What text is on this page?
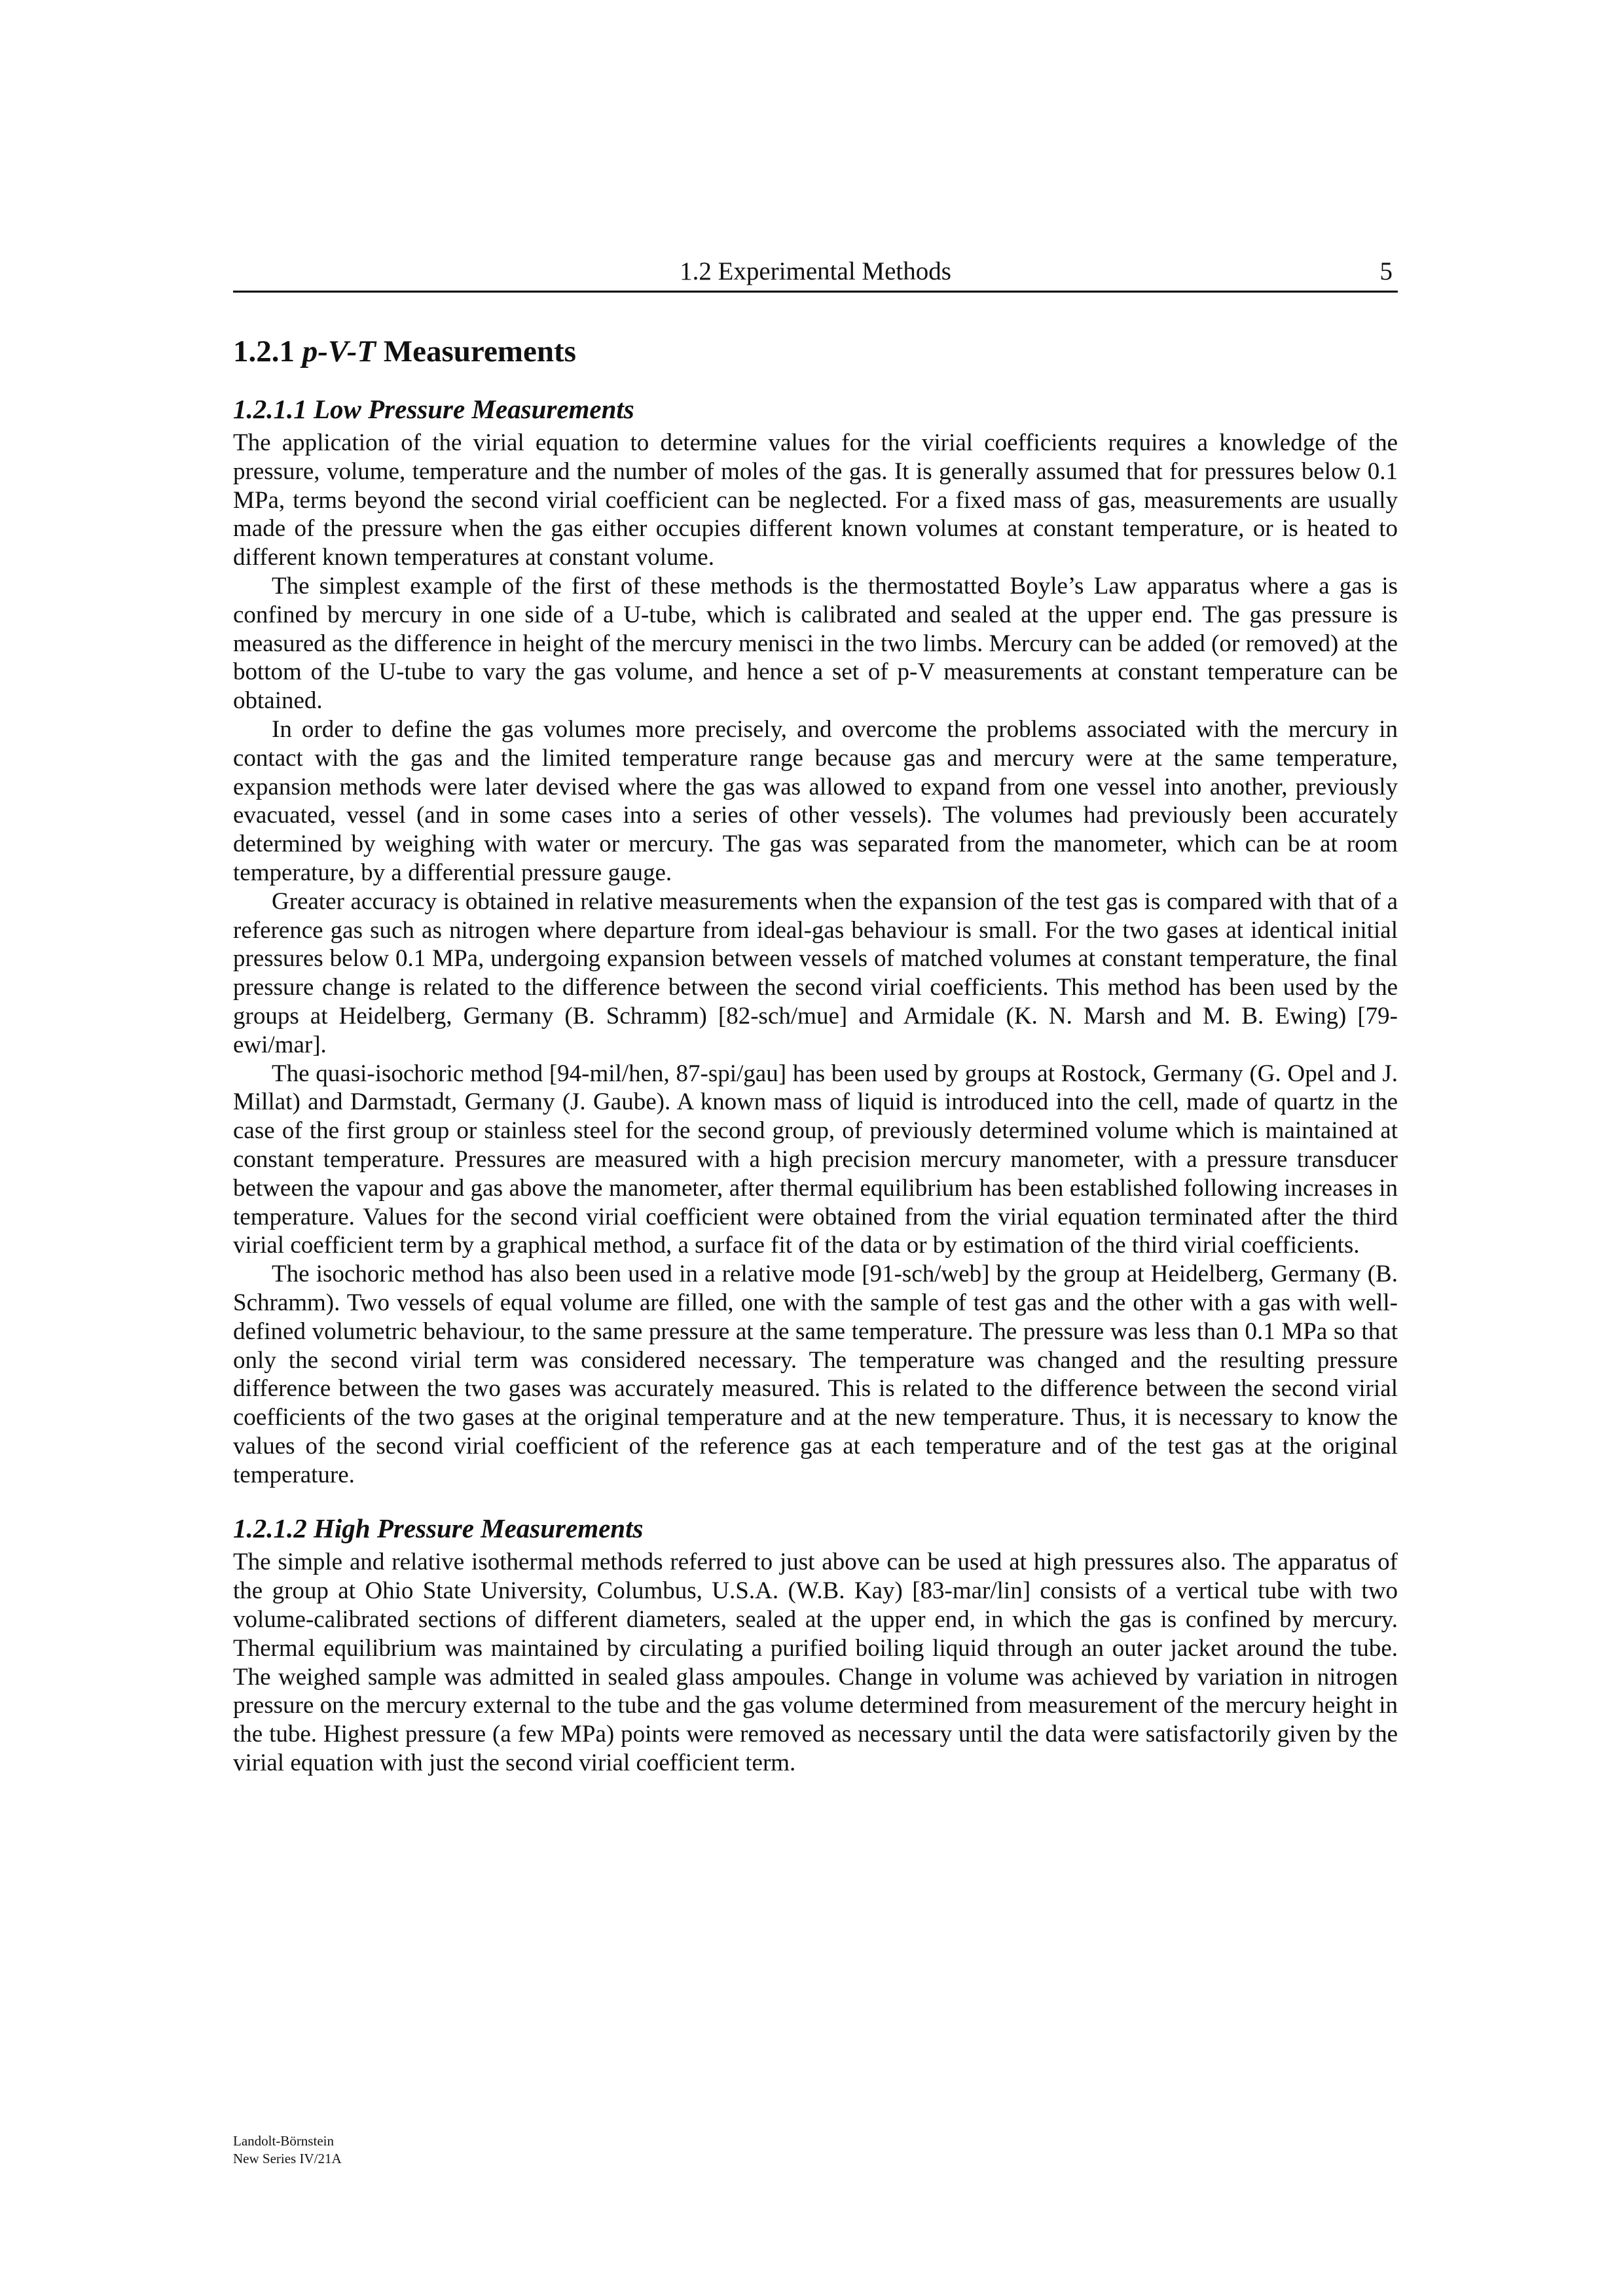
1.2 Experimental Methods	5
1.2.1 p-V-T Measurements
1.2.1.1 Low Pressure Measurements

The application of the virial equation to determine values for the virial coefficients requires a knowledge of the pressure, volume, temperature and the number of moles of the gas. It is generally assumed that for pressures below 0.1 MPa, terms beyond the second virial coefficient can be neglected. For a fixed mass of gas, measurements are usually made of the pressure when the gas either occupies different known volumes at constant temperature, or is heated to different known temperatures at constant volume.

The simplest example of the first of these methods is the thermostatted Boyle’s Law apparatus where a gas is confined by mercury in one side of a U-tube, which is calibrated and sealed at the upper end. The gas pressure is measured as the difference in height of the mercury menisci in the two limbs. Mercury can be added (or removed) at the bottom of the U-tube to vary the gas volume, and hence a set of p-V measurements at constant temperature can be obtained.

In order to define the gas volumes more precisely, and overcome the problems associated with the mercury in contact with the gas and the limited temperature range because gas and mercury were at the same temperature, expansion methods were later devised where the gas was allowed to expand from one vessel into another, previously evacuated, vessel (and in some cases into a series of other vessels). The volumes had previously been accurately determined by weighing with water or mercury. The gas was separated from the manometer, which can be at room temperature, by a differential pressure gauge.

Greater accuracy is obtained in relative measurements when the expansion of the test gas is compared with that of a reference gas such as nitrogen where departure from ideal-gas behaviour is small. For the two gases at identical initial pressures below 0.1 MPa, undergoing expansion between vessels of matched volumes at constant temperature, the final pressure change is related to the difference between the second virial coefficients. This method has been used by the groups at Heidelberg, Germany (B. Schramm) [82-sch/mue] and Armidale (K. N. Marsh and M. B. Ewing) [79-ewi/mar].

The quasi-isochoric method [94-mil/hen, 87-spi/gau] has been used by groups at Rostock, Germany (G. Opel and J. Millat) and Darmstadt, Germany (J. Gaube). A known mass of liquid is introduced into the cell, made of quartz in the case of the first group or stainless steel for the second group, of previously determined volume which is maintained at constant temperature. Pressures are measured with a high precision mercury manometer, with a pressure transducer between the vapour and gas above the manometer, after thermal equilibrium has been established following increases in temperature. Values for the second virial coefficient were obtained from the virial equation terminated after the third virial coefficient term by a graphical method, a surface fit of the data or by estimation of the third virial coefficients.

The isochoric method has also been used in a relative mode [91-sch/web] by the group at Heidelberg, Germany (B. Schramm). Two vessels of equal volume are filled, one with the sample of test gas and the other with a gas with well-defined volumetric behaviour, to the same pressure at the same temperature. The pressure was less than 0.1 MPa so that only the second virial term was considered necessary. The temperature was changed and the resulting pressure difference between the two gases was accurately measured. This is related to the difference between the second virial coefficients of the two gases at the original temperature and at the new temperature. Thus, it is necessary to know the values of the second virial coefficient of the reference gas at each temperature and of the test gas at the original temperature.

1.2.1.2 High Pressure Measurements

The simple and relative isothermal methods referred to just above can be used at high pressures also. The apparatus of the group at Ohio State University, Columbus, U.S.A. (W.B. Kay) [83-mar/lin] consists of a vertical tube with two volume-calibrated sections of different diameters, sealed at the upper end, in which the gas is confined by mercury. Thermal equilibrium was maintained by circulating a purified boiling liquid through an outer jacket around the tube. The weighed sample was admitted in sealed glass ampoules. Change in volume was achieved by variation in nitrogen pressure on the mercury external to the tube and the gas volume determined from measurement of the mercury height in the tube. Highest pressure (a few MPa) points were removed as necessary until the data were satisfactorily given by the virial equation with just the second virial coefficient term.

Landolt-Börnstein
New Series IV/21A
